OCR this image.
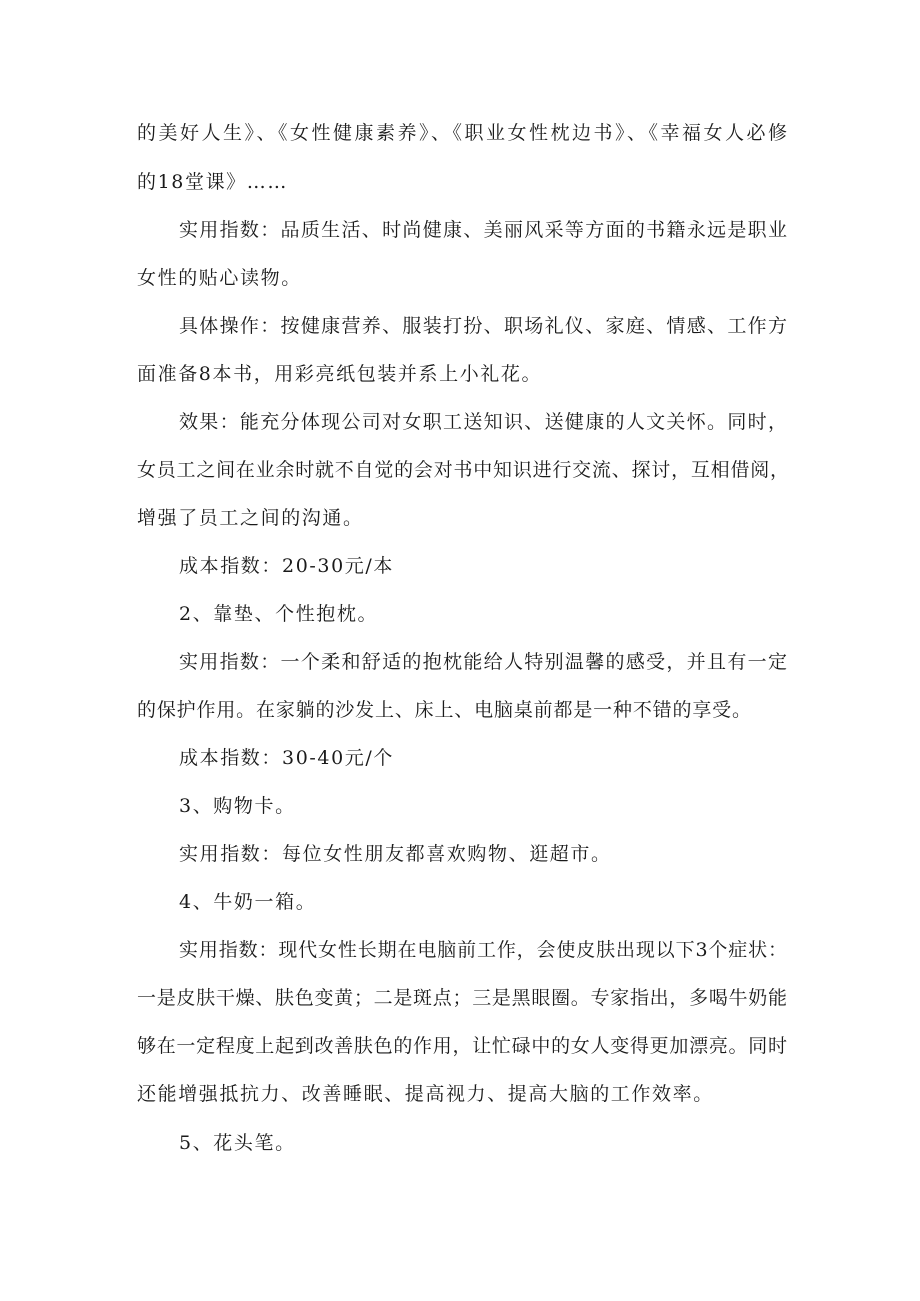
的美好人生》、《女性健康素养》、《职业女性枕边书》、《幸福女人必修
的18堂课》……
实用指数：品质生活、时尚健康、美丽风采等方面的书籍永远是职业
女性的贴心读物。
具体操作：按健康营养、服装打扮、职场礼仪、家庭、情感、工作方
面准备8本书，用彩亮纸包装并系上小礼花。
效果：能充分体现公司对女职工送知识、送健康的人文关怀。同时，
女员工之间在业余时就不自觉的会对书中知识进行交流、探讨，互相借阅，
增强了员工之间的沟通。
成本指数：20-30元/本
2、靠垫、个性抱枕。
实用指数：一个柔和舒适的抱枕能给人特别温馨的感受，并且有一定
的保护作用。在家躺的沙发上、床上、电脑桌前都是一种不错的享受。
成本指数：30-40元/个
3、购物卡。
实用指数：每位女性朋友都喜欢购物、逛超市。
4、牛奶一箱。
实用指数：现代女性长期在电脑前工作，会使皮肤出现以下3个症状：
一是皮肤干燥、肤色变黄；二是斑点；三是黑眼圈。专家指出，多喝牛奶能
够在一定程度上起到改善肤色的作用，让忙碌中的女人变得更加漂亮。同时
还能增强抵抗力、改善睡眠、提高视力、提高大脑的工作效率。
5、花头笔。
